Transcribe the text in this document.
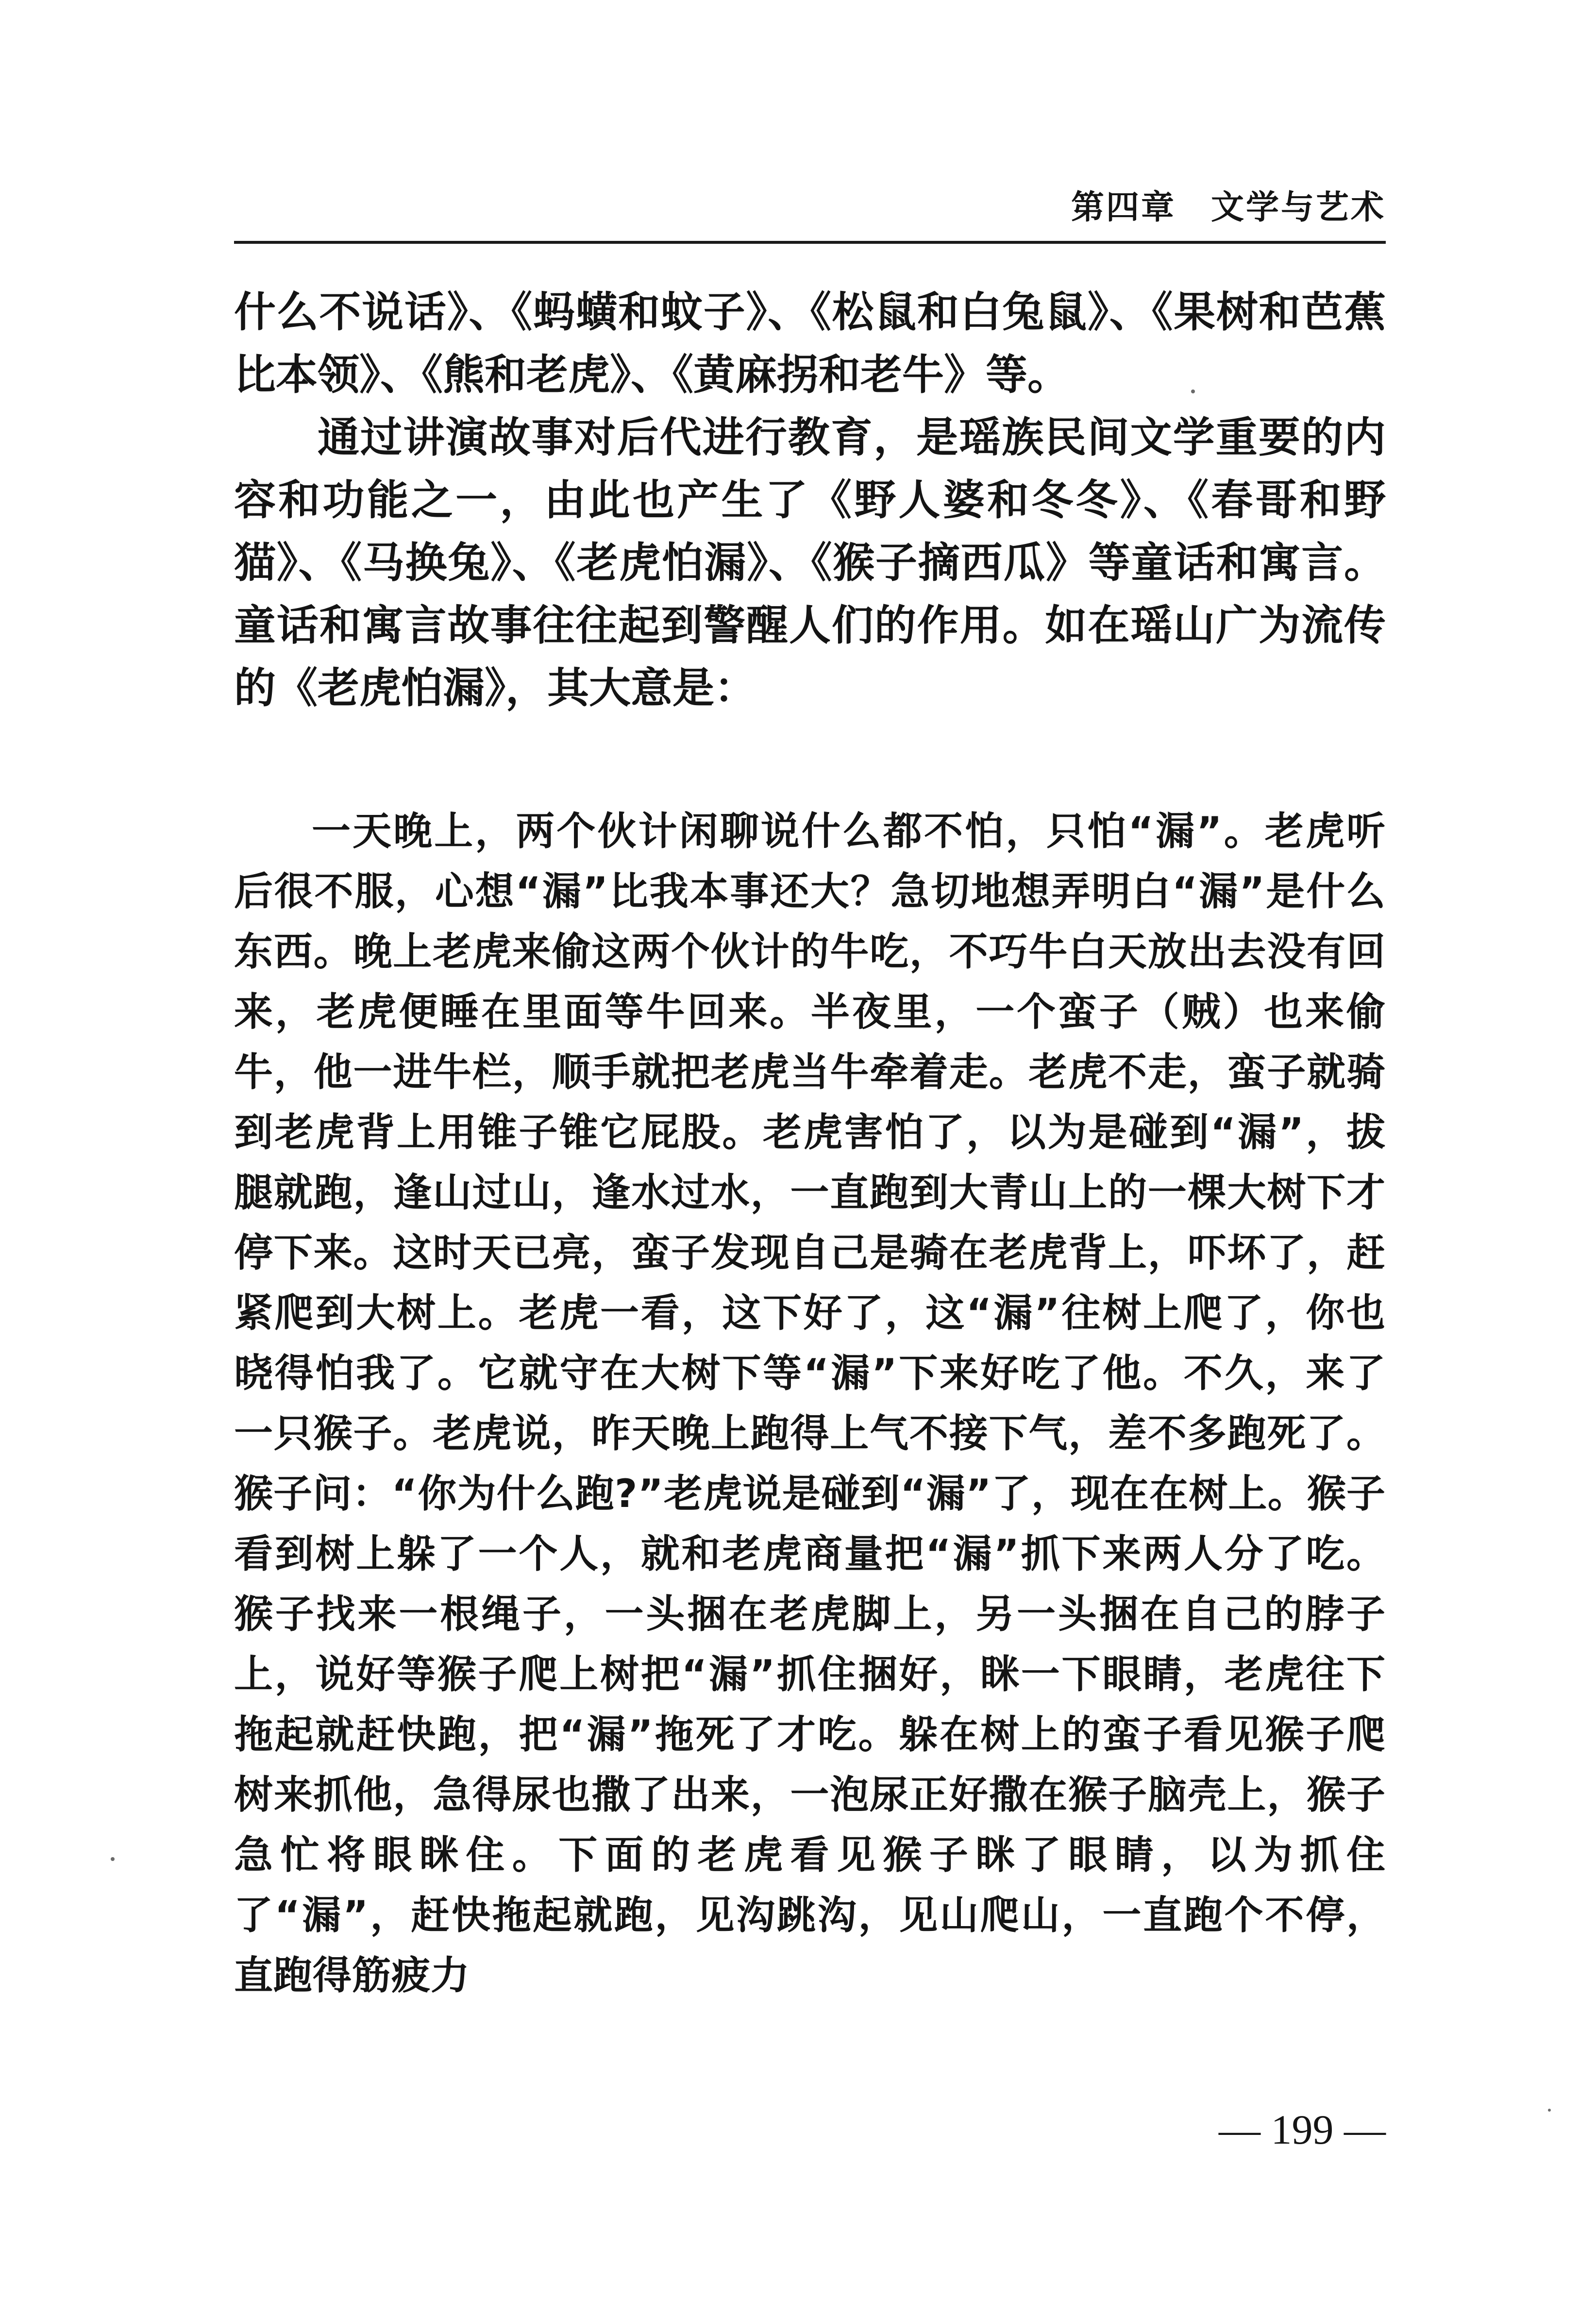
第四章　文学与艺术

什么不说话》、《蚂蟥和蚊子》、《松鼠和白兔鼠》、《果树和芭蕉比本领》、《熊和老虎》、《黄麻拐和老牛》等。

通过讲演故事对后代进行教育，是瑶族民间文学重要的内容和功能之一，由此也产生了《野人婆和冬冬》、《春哥和野猫》、《马换兔》、《老虎怕漏》、《猴子摘西瓜》等童话和寓言。童话和寓言故事往往起到警醒人们的作用。如在瑶山广为流传的《老虎怕漏》，其大意是：

一天晚上，两个伙计闲聊说什么都不怕，只怕“漏”。老虎听后很不服，心想“漏”比我本事还大？急切地想弄明白“漏”是什么东西。晚上老虎来偷这两个伙计的牛吃，不巧牛白天放出去没有回来，老虎便睡在里面等牛回来。半夜里，一个蛮子（贼）也来偷牛，他一进牛栏，顺手就把老虎当牛牵着走。老虎不走，蛮子就骑到老虎背上用锥子锥它屁股。老虎害怕了，以为是碰到“漏”，拔腿就跑，逢山过山，逢水过水，一直跑到大青山上的一棵大树下才停下来。这时天已亮，蛮子发现自己是骑在老虎背上，吓坏了，赶紧爬到大树上。老虎一看，这下好了，这“漏”往树上爬了，你也晓得怕我了。它就守在大树下等“漏”下来好吃了他。不久，来了一只猴子。老虎说，昨天晚上跑得上气不接下气，差不多跑死了。猴子问：“你为什么跑?”老虎说是碰到“漏”了，现在在树上。猴子看到树上躲了一个人，就和老虎商量把“漏”抓下来两人分了吃。猴子找来一根绳子，一头捆在老虎脚上，另一头捆在自己的脖子上，说好等猴子爬上树把“漏”抓住捆好，眯一下眼睛，老虎往下拖起就赶快跑，把“漏”拖死了才吃。躲在树上的蛮子看见猴子爬树来抓他，急得尿也撒了出来，一泡尿正好撒在猴子脑壳上，猴子急忙将眼眯住。下面的老虎看见猴子眯了眼睛，以为抓住了“漏”，赶快拖起就跑，见沟跳沟，见山爬山，一直跑个不停，直跑得筋疲力

— 199 —
